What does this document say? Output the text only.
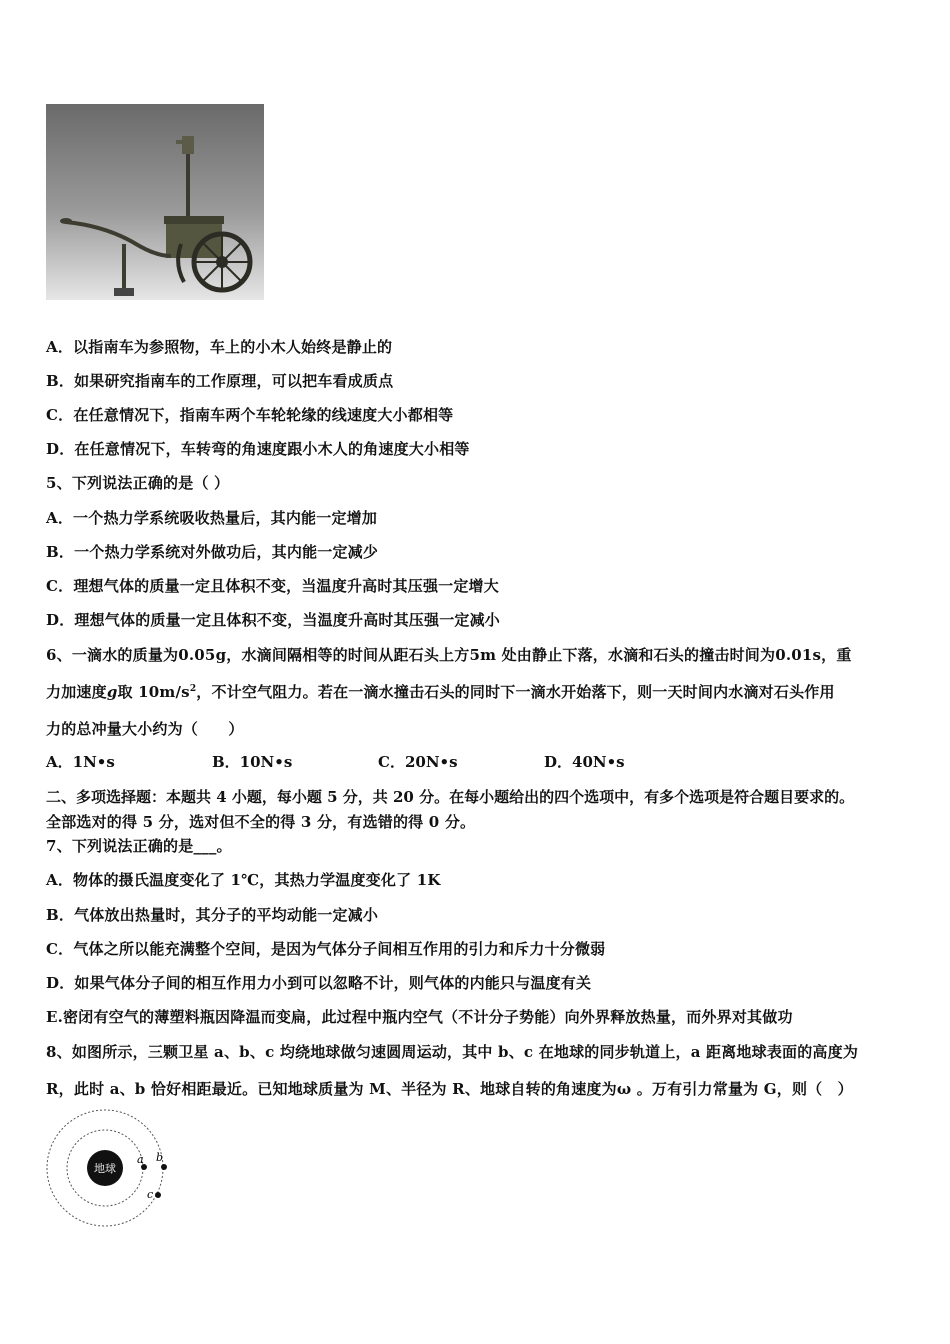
A．以指南车为参照物，车上的小木人始终是静止的
B．如果研究指南车的工作原理，可以把车看成质点
C．在任意情况下，指南车两个车轮轮缘的线速度大小都相等
D．在任意情况下，车转弯的角速度跟小木人的角速度大小相等
5、下列说法正确的是（ ）
A．一个热力学系统吸收热量后，其内能一定增加
B．一个热力学系统对外做功后，其内能一定减少
C．理想气体的质量一定且体积不变，当温度升高时其压强一定增大
D．理想气体的质量一定且体积不变，当温度升高时其压强一定减小
6、一滴水的质量为0.05g，水滴间隔相等的时间从距石头上方5m 处由静止下落，水滴和石头的撞击时间为0.01s，重
力加速度g取 $10m/s^2$，不计空气阻力。若在一滴水撞击石头的同时下一滴水开始落下，则一天时间内水滴对石头作用
力的总冲量大小约为（　　）
A．1N•s	B．10N•s	C．20N•s	D．40N•s
二、多项选择题：本题共 4 小题，每小题 5 分，共 20 分。在每小题给出的四个选项中，有多个选项是符合题目要求的。
全部选对的得 5 分，选对但不全的得 3 分，有选错的得 0 分。
7、下列说法正确的是___。
A．物体的摄氏温度变化了 1℃，其热力学温度变化了 1K
B．气体放出热量时，其分子的平均动能一定减小
C．气体之所以能充满整个空间，是因为气体分子间相互作用的引力和斥力十分微弱
D．如果气体分子间的相互作用力小到可以忽略不计，则气体的内能只与温度有关
E.密闭有空气的薄塑料瓶因降温而变扁，此过程中瓶内空气（不计分子势能）向外界释放热量，而外界对其做功
8、如图所示，三颗卫星 a、b、c 均绕地球做匀速圆周运动，其中 b、c 在地球的同步轨道上，a 距离地球表面的高度为
R，此时 a、b 恰好相距最近。已知地球质量为 M、半径为 R、地球自转的角速度为ω 。万有引力常量为 G，则（　）
地球
a b
c
